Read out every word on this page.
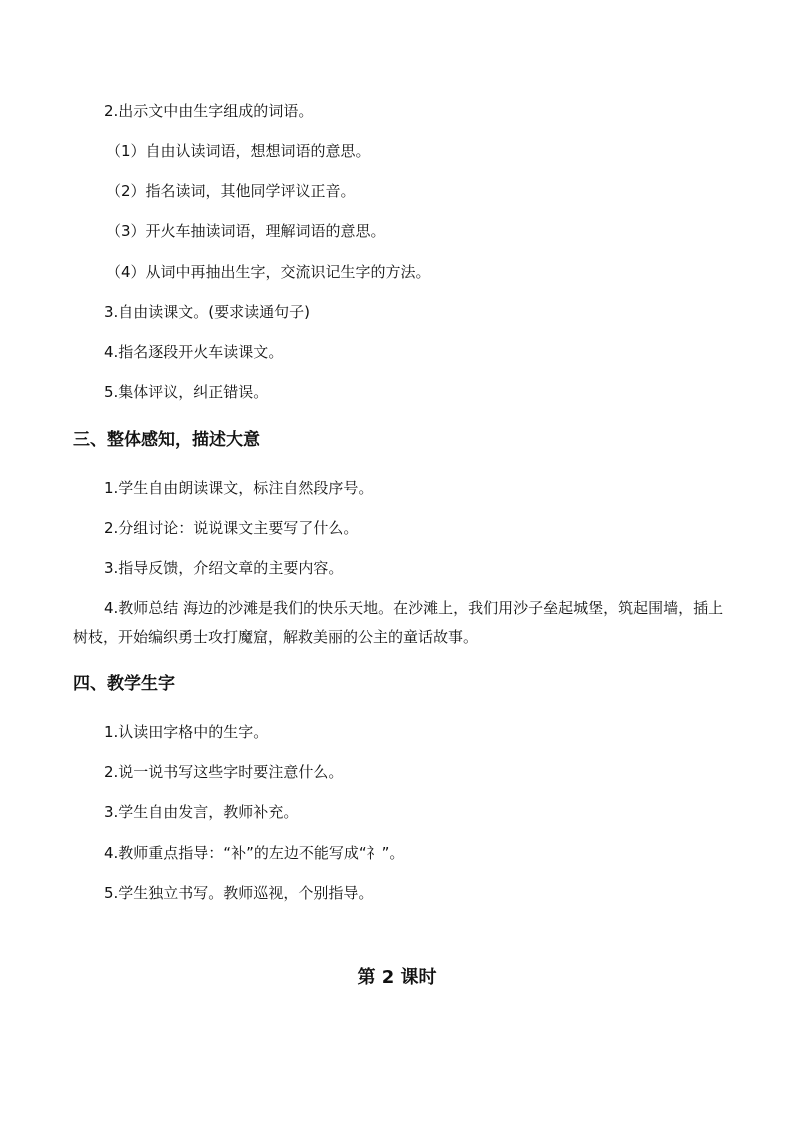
2.出示文中由生字组成的词语。
（1）自由认读词语，想想词语的意思。
（2）指名读词，其他同学评议正音。
（3）开火车抽读词语，理解词语的意思。
（4）从词中再抽出生字，交流识记生字的方法。
3.自由读课文。(要求读通句子)
4.指名逐段开火车读课文。
5.集体评议，纠正错误。
三、整体感知，描述大意
1.学生自由朗读课文，标注自然段序号。
2.分组讨论：说说课文主要写了什么。
3.指导反馈，介绍文章的主要内容。
4.教师总结 海边的沙滩是我们的快乐天地。在沙滩上，我们用沙子垒起城堡，筑起围墙，插上树枝，开始编织勇士攻打魔窟，解救美丽的公主的童话故事。
四、教学生字
1.认读田字格中的生字。
2.说一说书写这些字时要注意什么。
3.学生自由发言，教师补充。
4.教师重点指导：“补”的左边不能写成“礻”。
5.学生独立书写。教师巡视，个别指导。
第 2 课时
